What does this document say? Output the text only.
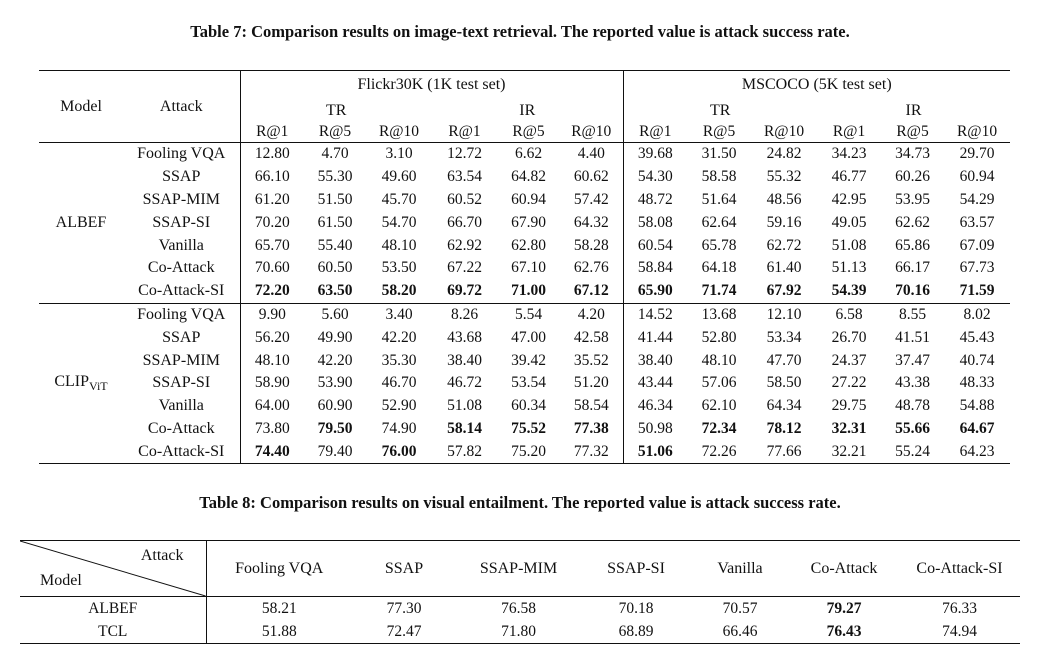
Table 7: Comparison results on image-text retrieval. The reported value is attack success rate.
Model	Attack	Flickr30K (1K test set)						MSCOCO (5K test set)					
		TR			IR			TR			IR		
		R@1	R@5	R@10	R@1	R@5	R@10	R@1	R@5	R@10	R@1	R@5	R@10
ALBEF	Fooling VQA	12.80	4.70	3.10	12.72	6.62	4.40	39.68	31.50	24.82	34.23	34.73	29.70
	SSAP	66.10	55.30	49.60	63.54	64.82	60.62	54.30	58.58	55.32	46.77	60.26	60.94
	SSAP-MIM	61.20	51.50	45.70	60.52	60.94	57.42	48.72	51.64	48.56	42.95	53.95	54.29
	SSAP-SI	70.20	61.50	54.70	66.70	67.90	64.32	58.08	62.64	59.16	49.05	62.62	63.57
	Vanilla	65.70	55.40	48.10	62.92	62.80	58.28	60.54	65.78	62.72	51.08	65.86	67.09
	Co-Attack	70.60	60.50	53.50	67.22	67.10	62.76	58.84	64.18	61.40	51.13	66.17	67.73
	Co-Attack-SI	72.20	63.50	58.20	69.72	71.00	67.12	65.90	71.74	67.92	54.39	70.16	71.59
$CLIP_{ViT}$	Fooling VQA	9.90	5.60	3.40	8.26	5.54	4.20	14.52	13.68	12.10	6.58	8.55	8.02
	SSAP	56.20	49.90	42.20	43.68	47.00	42.58	41.44	52.80	53.34	26.70	41.51	45.43
	SSAP-MIM	48.10	42.20	35.30	38.40	39.42	35.52	38.40	48.10	47.70	24.37	37.47	40.74
	SSAP-SI	58.90	53.90	46.70	46.72	53.54	51.20	43.44	57.06	58.50	27.22	43.38	48.33
	Vanilla	64.00	60.90	52.90	51.08	60.34	58.54	46.34	62.10	64.34	29.75	48.78	54.88
	Co-Attack	73.80	79.50	74.90	58.14	75.52	77.38	50.98	72.34	78.12	32.31	55.66	64.67
	Co-Attack-SI	74.40	79.40	76.00	57.82	75.20	77.32	51.06	72.26	77.66	32.21	55.24	64.23
Table 8: Comparison results on visual entailment. The reported value is attack success rate.
Attack
Model	Fooling VQA	SSAP	SSAP-MIM	SSAP-SI	Vanilla	Co-Attack	Co-Attack-SI
ALBEF	58.21	77.30	76.58	70.18	70.57	79.27	76.33
TCL	51.88	72.47	71.80	68.89	66.46	76.43	74.94
